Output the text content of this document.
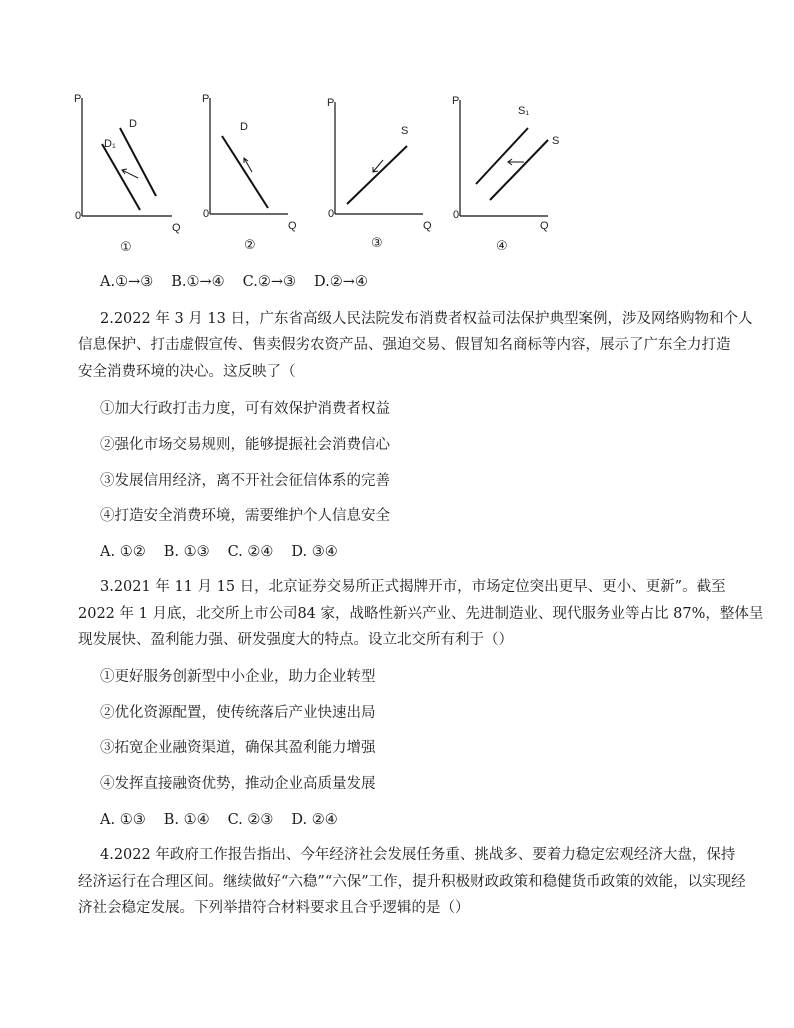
P
0
Q
D
D₁
①
P
0
Q
D
②
P
0
Q
S
③
P
0
Q
S₁
S
④
A.①→③ B.①→④ C.②→③ D.②→④
2.2022 年 3 月 13 日，广东省高级人民法院发布消费者权益司法保护典型案例，涉及网络购物和个人
信息保护、打击虚假宣传、售卖假劣农资产品、强迫交易、假冒知名商标等内容，展示了广东全力打造
安全消费环境的决心。这反映了（
①加大行政打击力度，可有效保护消费者权益
②强化市场交易规则，能够提振社会消费信心
③发展信用经济，离不开社会征信体系的完善
④打造安全消费环境，需要维护个人信息安全
A. ①② B. ①③ C. ②④ D. ③④
3.2021 年 11 月 15 日，北京证券交易所正式揭牌开市，市场定位突出更早、更小、更新”。截至
2022 年 1 月底，北交所上市公司84 家，战略性新兴产业、先进制造业、现代服务业等占比 87%，整体呈
现发展快、盈利能力强、研发强度大的特点。设立北交所有利于（）
①更好服务创新型中小企业，助力企业转型
②优化资源配置，使传统落后产业快速出局
③拓宽企业融资渠道，确保其盈利能力增强
④发挥直接融资优势，推动企业高质量发展
A. ①③ B. ①④ C. ②③ D. ②④
4.2022 年政府工作报告指出、今年经济社会发展任务重、挑战多、要着力稳定宏观经济大盘，保持
经济运行在合理区间。继续做好“六稳”“六保”工作，提升积极财政政策和稳健货币政策的效能，以实现经
济社会稳定发展。下列举措符合材料要求且合乎逻辑的是（）
